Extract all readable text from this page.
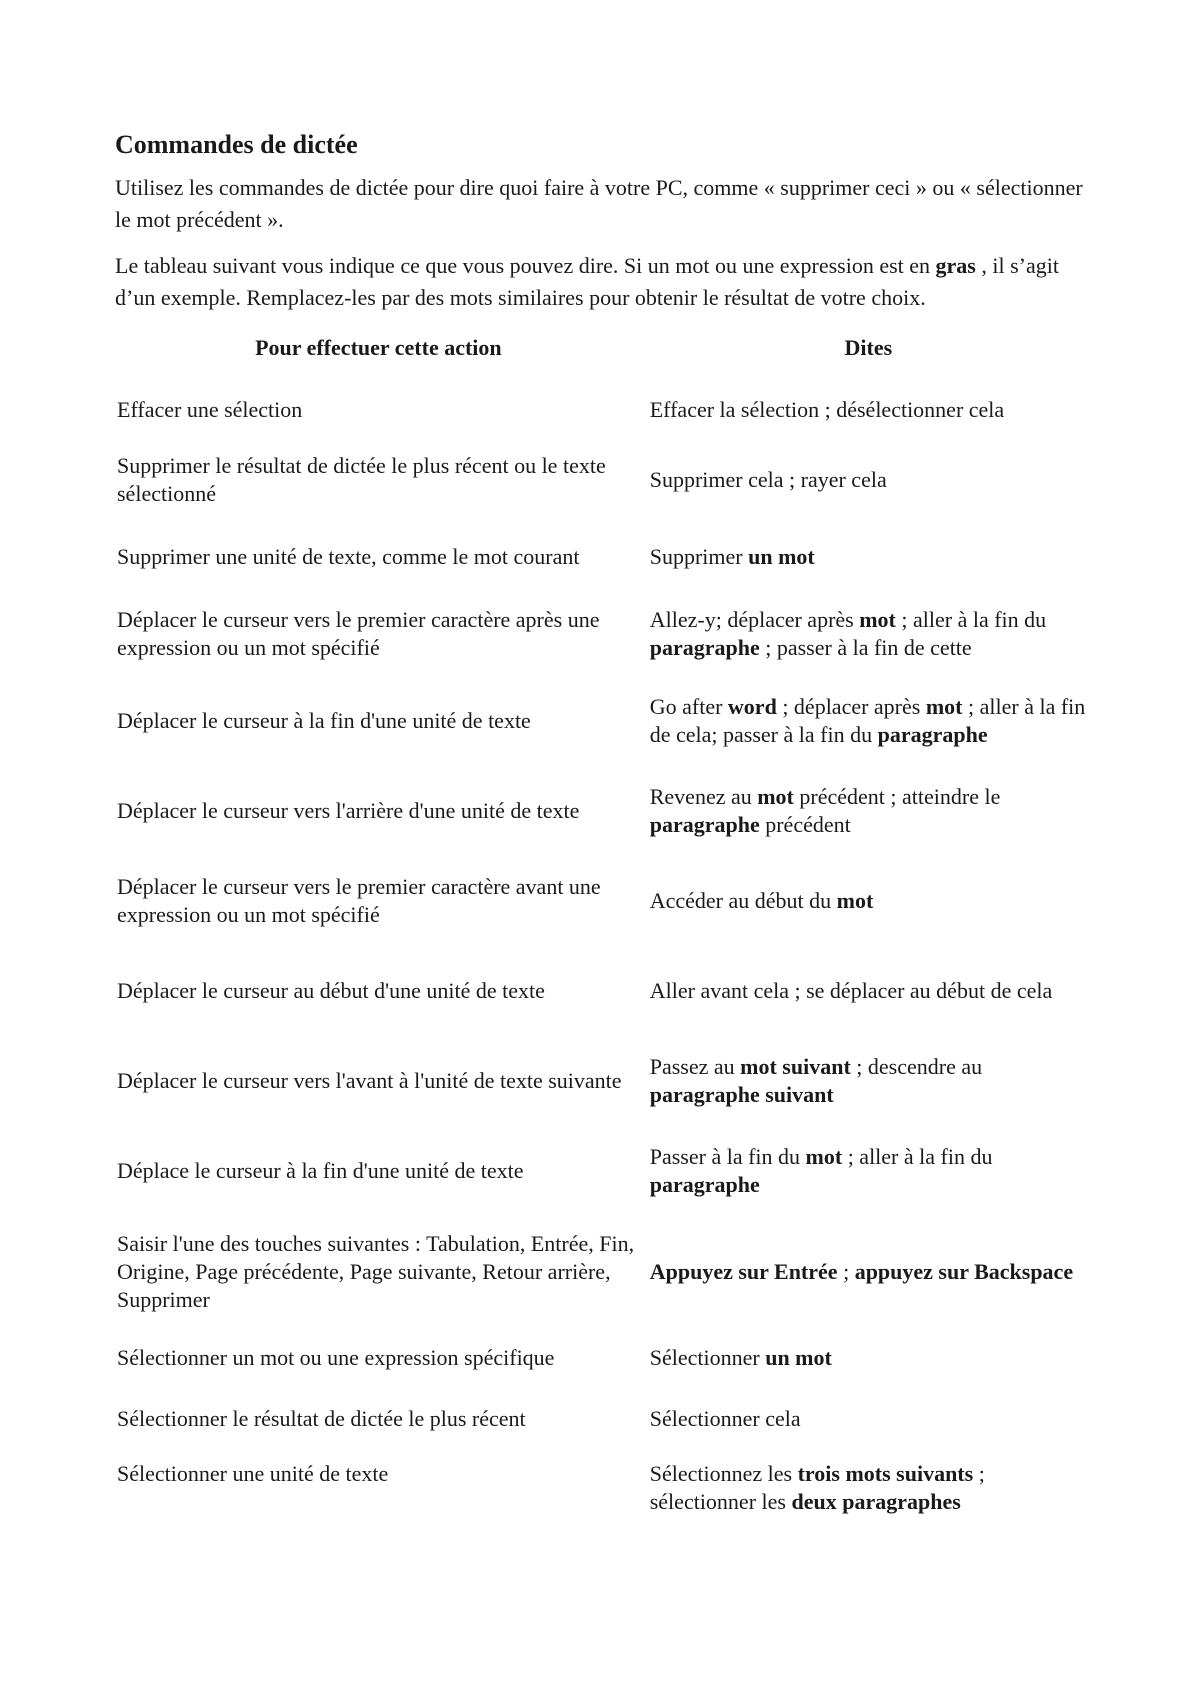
Commandes de dictée

Utilisez les commandes de dictée pour dire quoi faire à votre PC, comme « supprimer ceci » ou « sélectionner le mot précédent ».

Le tableau suivant vous indique ce que vous pouvez dire. Si un mot ou une expression est en gras , il s’agit d’un exemple. Remplacez-les par des mots similaires pour obtenir le résultat de votre choix.

Pour effectuer cette action	Dites
Effacer une sélection	Effacer la sélection ; désélectionner cela
Supprimer le résultat de dictée le plus récent ou le texte sélectionné	Supprimer cela ; rayer cela
Supprimer une unité de texte, comme le mot courant	Supprimer un mot
Déplacer le curseur vers le premier caractère après une expression ou un mot spécifié	Allez-y; déplacer après mot ; aller à la fin du paragraphe ; passer à la fin de cette
Déplacer le curseur à la fin d'une unité de texte	Go after word ; déplacer après mot ; aller à la fin de cela; passer à la fin du paragraphe
Déplacer le curseur vers l'arrière d'une unité de texte	Revenez au mot précédent ; atteindre le paragraphe précédent
Déplacer le curseur vers le premier caractère avant une expression ou un mot spécifié	Accéder au début du mot
Déplacer le curseur au début d'une unité de texte	Aller avant cela ; se déplacer au début de cela
Déplacer le curseur vers l'avant à l'unité de texte suivante	Passez au mot suivant ; descendre au paragraphe suivant
Déplace le curseur à la fin d'une unité de texte	Passer à la fin du mot ; aller à la fin du paragraphe
Saisir l'une des touches suivantes : Tabulation, Entrée, Fin, Origine, Page précédente, Page suivante, Retour arrière, Supprimer	Appuyez sur Entrée ; appuyez sur Backspace
Sélectionner un mot ou une expression spécifique	Sélectionner un mot
Sélectionner le résultat de dictée le plus récent	Sélectionner cela
Sélectionner une unité de texte	Sélectionnez les trois mots suivants ; sélectionner les deux paragraphes
